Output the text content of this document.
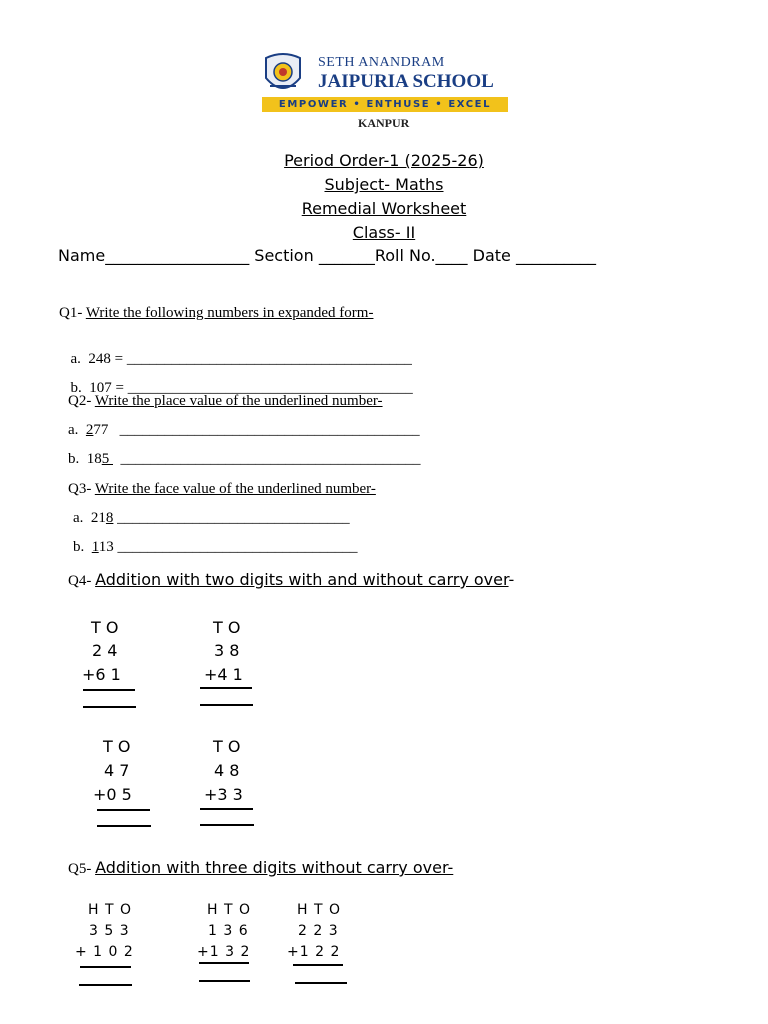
SETH ANANDRAM
JAIPURIA SCHOOL
EMPOWER • ENTHUSE • EXCEL
KANPUR
Period Order-1 (2025-26)
Subject- Maths
Remedial Worksheet
Class- II
Name__________________ Section _______Roll No.____ Date __________
Q1- Write the following numbers in expanded form-

a. 248 = ______________________________________

b. 107 = ______________________________________

Q2- Write the place value of the underlined number-
a. 277 ________________________________________
b. 185   ________________________________________
Q3- Write the face value of the underlined number-
a. 218 _______________________________
b. 113 ________________________________
Q4- Addition with two digits with and without carry over-
T O
2 4
+6 1
T O
3 8
+4 1
T O
4 7
+0 5
T O
4 8
+3 3
Q5- Addition with three digits without carry over-
H T O
3 5 3
+ 1 0 2
H T O
1 3 6
+1 3 2
H T O
2 2 3
+1 2 2
